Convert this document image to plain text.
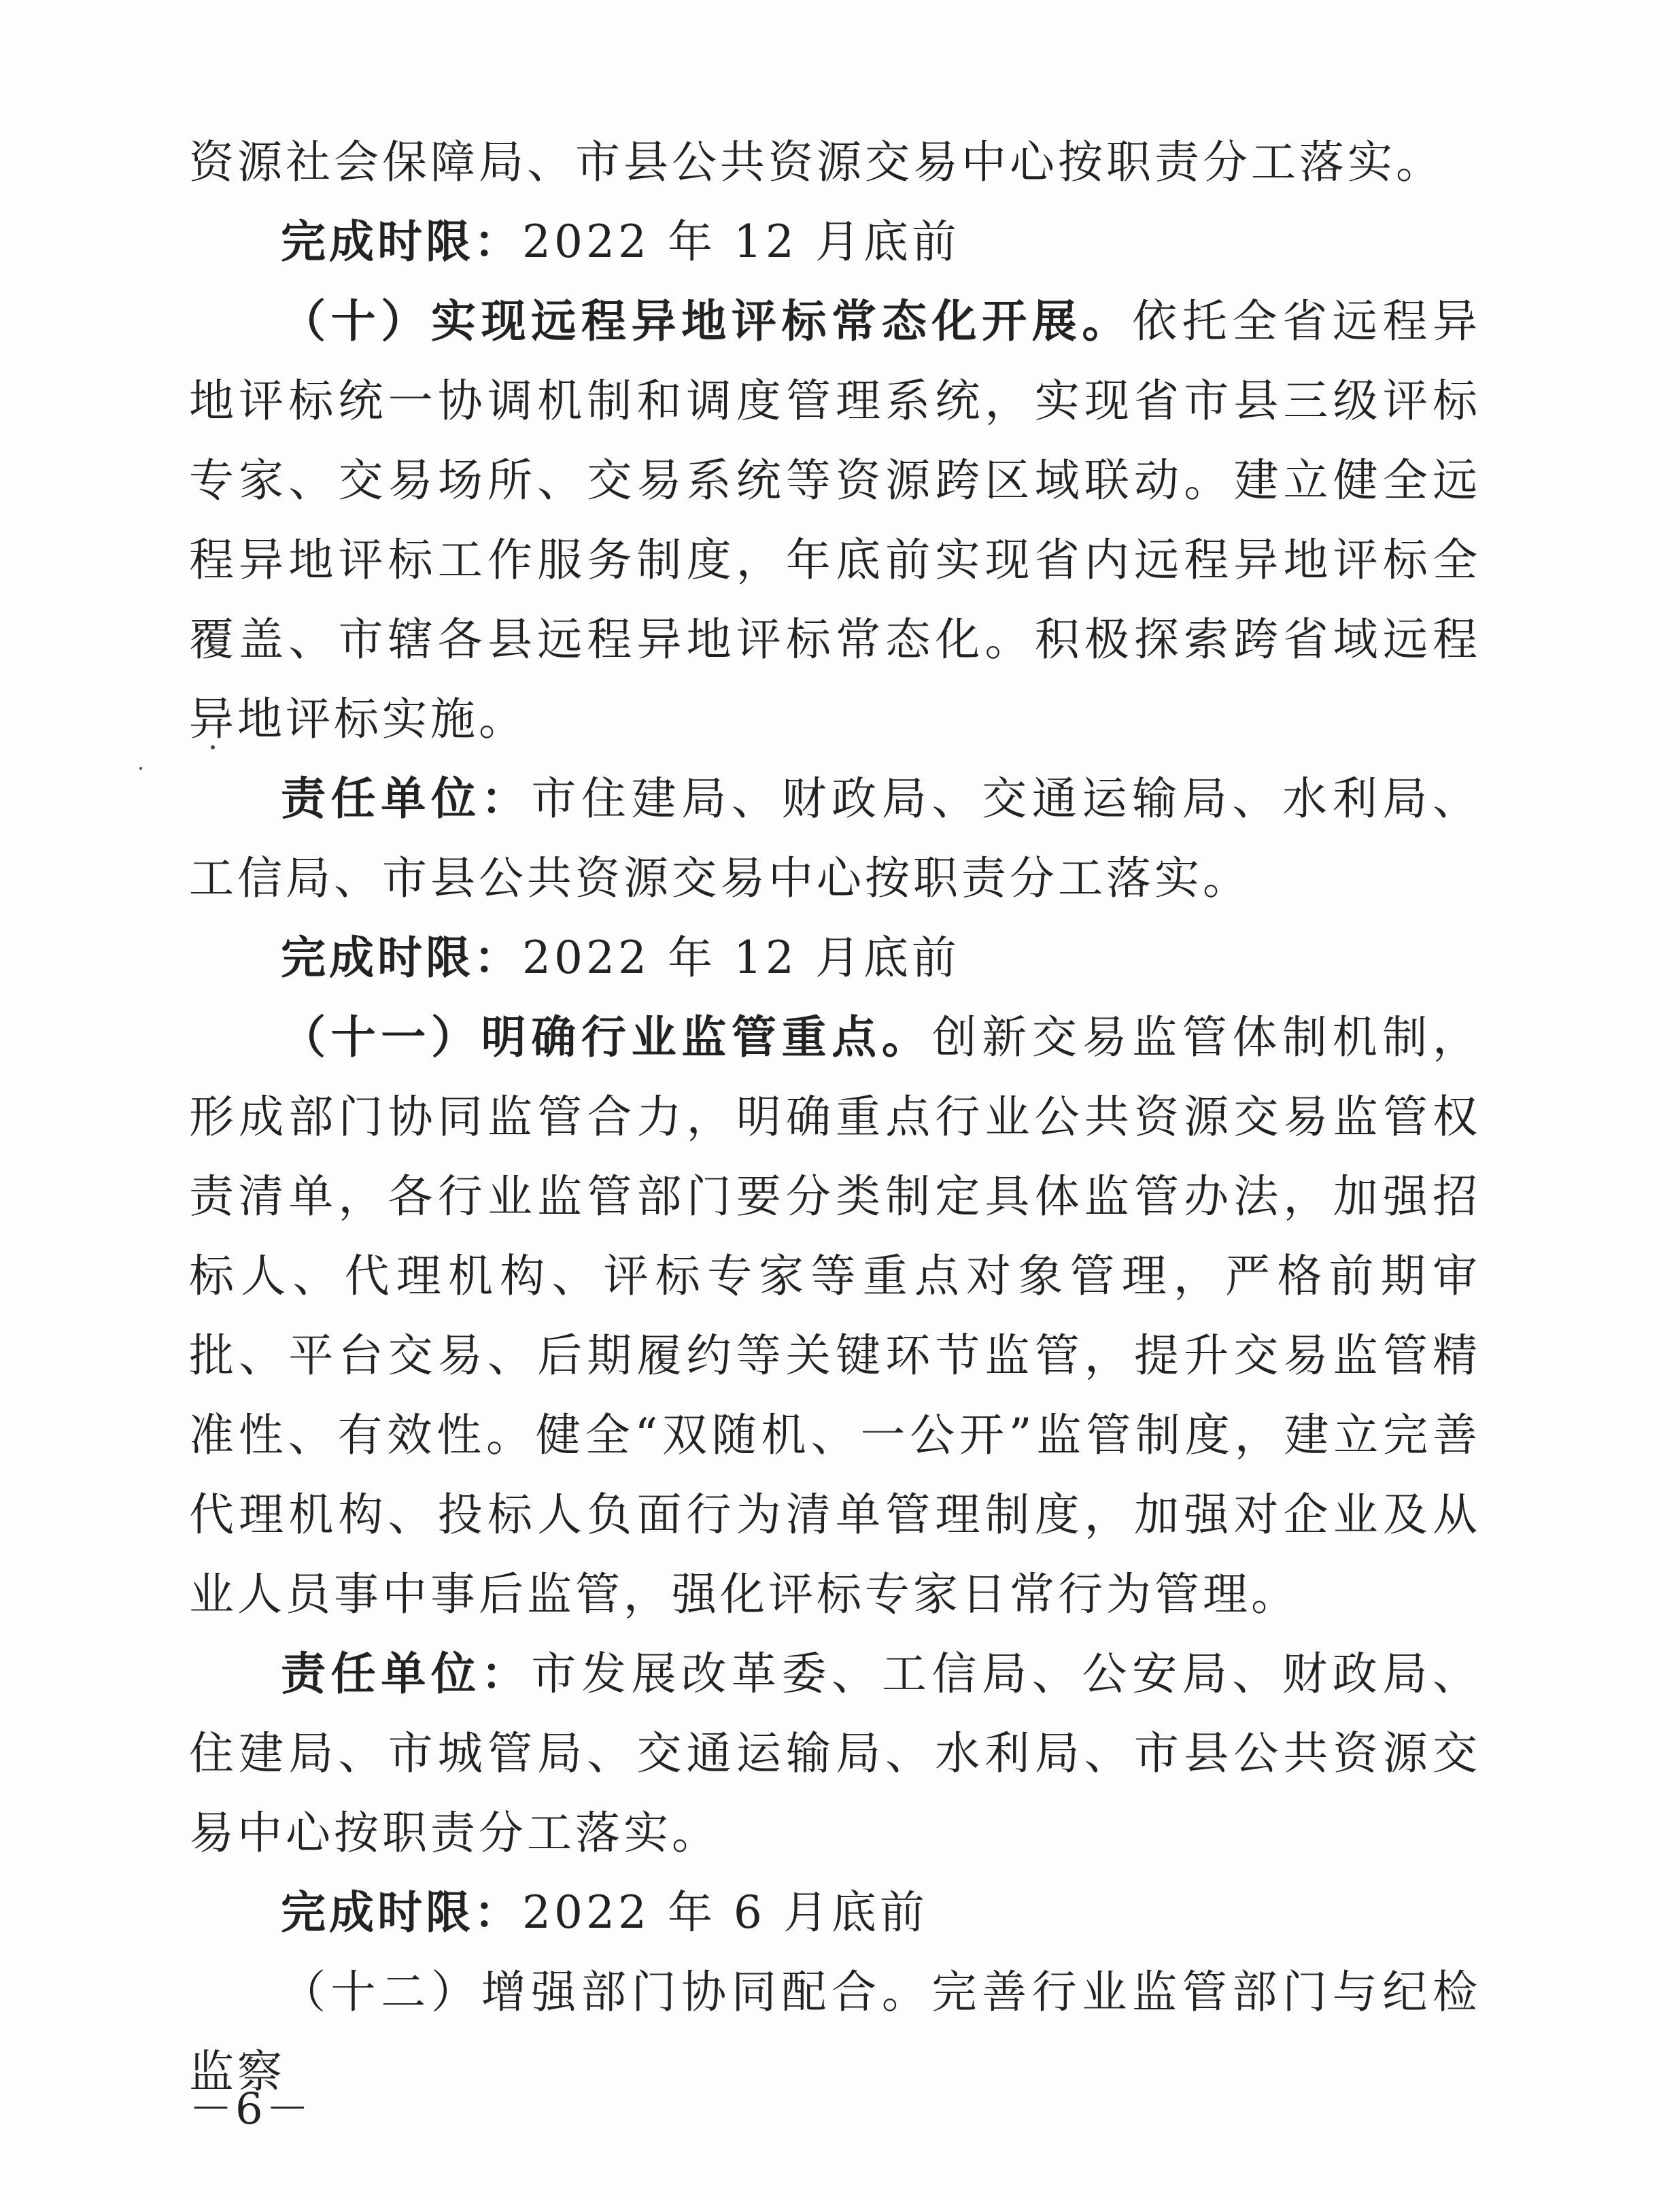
资源社会保障局、市县公共资源交易中心按职责分工落实。

完成时限：2022 年 12 月底前

（十）实现远程异地评标常态化开展。依托全省远程异地评标统一协调机制和调度管理系统，实现省市县三级评标专家、交易场所、交易系统等资源跨区域联动。建立健全远程异地评标工作服务制度，年底前实现省内远程异地评标全覆盖、市辖各县远程异地评标常态化。积极探索跨省域远程异地评标实施。

责任单位：市住建局、财政局、交通运输局、水利局、工信局、市县公共资源交易中心按职责分工落实。

完成时限：2022 年 12 月底前

（十一）明确行业监管重点。创新交易监管体制机制，形成部门协同监管合力，明确重点行业公共资源交易监管权责清单，各行业监管部门要分类制定具体监管办法，加强招标人、代理机构、评标专家等重点对象管理，严格前期审批、平台交易、后期履约等关键环节监管，提升交易监管精准性、有效性。健全“双随机、一公开”监管制度，建立完善代理机构、投标人负面行为清单管理制度，加强对企业及从业人员事中事后监管，强化评标专家日常行为管理。

责任单位：市发展改革委、工信局、公安局、财政局、住建局、市城管局、交通运输局、水利局、市县公共资源交易中心按职责分工落实。

完成时限：2022 年 6 月底前

（十二）增强部门协同配合。完善行业监管部门与纪检监察

－6－
